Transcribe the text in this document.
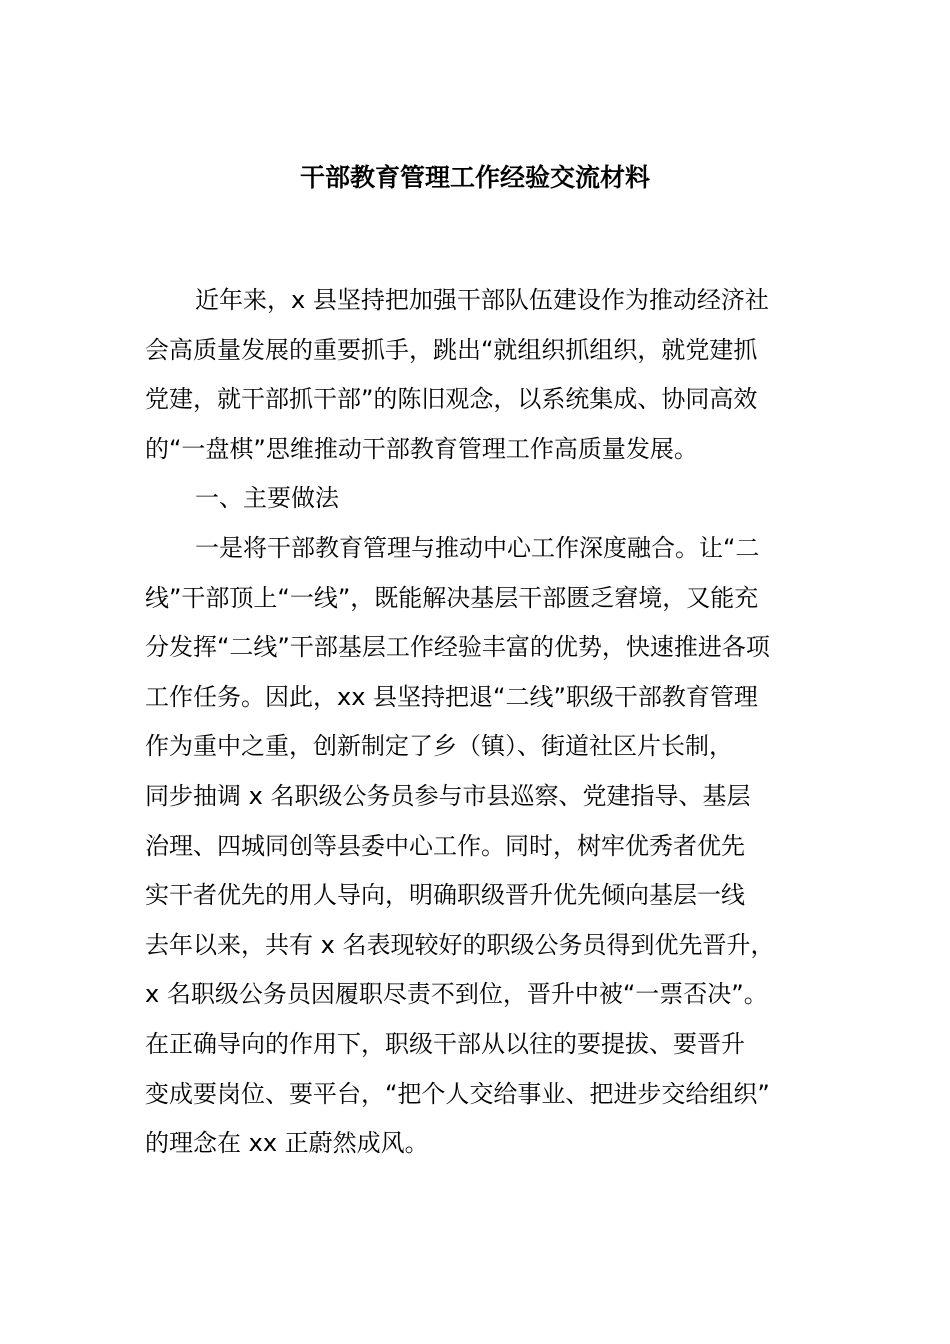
干部教育管理工作经验交流材料
近年来，x 县坚持把加强干部队伍建设作为推动经济社
会高质量发展的重要抓手，跳出“就组织抓组织，就党建抓
党建，就干部抓干部”的陈旧观念，以系统集成、协同高效
的“一盘棋”思维推动干部教育管理工作高质量发展。
一、主要做法
一是将干部教育管理与推动中心工作深度融合。让“二
线”干部顶上“一线”，既能解决基层干部匮乏窘境，又能充
分发挥“二线”干部基层工作经验丰富的优势，快速推进各项
工作任务。因此，xx 县坚持把退“二线”职级干部教育管理
作为重中之重，创新制定了乡（镇）、街道社区片长制，
同步抽调 x 名职级公务员参与市县巡察、党建指导、基层
治理、四城同创等县委中心工作。同时，树牢优秀者优先
实干者优先的用人导向，明确职级晋升优先倾向基层一线
去年以来，共有 x 名表现较好的职级公务员得到优先晋升，
x 名职级公务员因履职尽责不到位，晋升中被“一票否决”。
在正确导向的作用下，职级干部从以往的要提拔、要晋升
变成要岗位、要平台，“把个人交给事业、把进步交给组织”
的理念在 xx 正蔚然成风。
